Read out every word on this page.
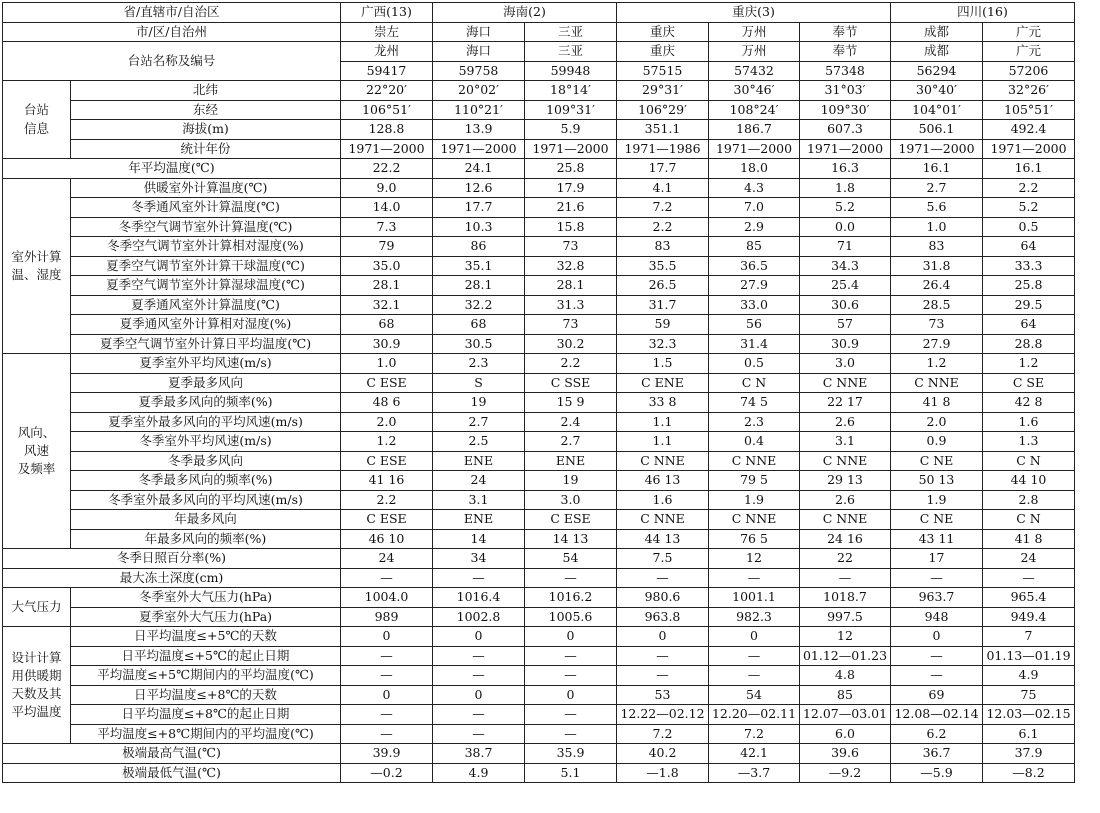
省/直辖市/自治区		广西(13)	海南(2)		重庆(3)			四川(16)	
市/区/自治州		崇左	海口	三亚	重庆	万州	奉节	成都	广元
台站名称及编号		龙州	海口	三亚	重庆	万州	奉节	成都	广元
		59417	59758	59948	57515	57432	57348	56294	57206
台站
信息	北纬	22°20′	20°02′	18°14′	29°31′	30°46′	31°03′	30°40′	32°26′
	东经	106°51′	110°21′	109°31′	106°29′	108°24′	109°30′	104°01′	105°51′
	海拔(m)	128.8	13.9	5.9	351.1	186.7	607.3	506.1	492.4
	统计年份	1971—2000	1971—2000	1971—2000	1971—1986	1971—2000	1971—2000	1971—2000	1971—2000
年平均温度(℃)		22.2	24.1	25.8	17.7	18.0	16.3	16.1	16.1
室外计算
温、湿度	供暖室外计算温度(℃)	9.0	12.6	17.9	4.1	4.3	1.8	2.7	2.2
	冬季通风室外计算温度(℃)	14.0	17.7	21.6	7.2	7.0	5.2	5.6	5.2
	冬季空气调节室外计算温度(℃)	7.3	10.3	15.8	2.2	2.9	0.0	1.0	0.5
	冬季空气调节室外计算相对湿度(%)	79	86	73	83	85	71	83	64
	夏季空气调节室外计算干球温度(℃)	35.0	35.1	32.8	35.5	36.5	34.3	31.8	33.3
	夏季空气调节室外计算湿球温度(℃)	28.1	28.1	28.1	26.5	27.9	25.4	26.4	25.8
	夏季通风室外计算温度(℃)	32.1	32.2	31.3	31.7	33.0	30.6	28.5	29.5
	夏季通风室外计算相对湿度(%)	68	68	73	59	56	57	73	64
	夏季空气调节室外计算日平均温度(℃)	30.9	30.5	30.2	32.3	31.4	30.9	27.9	28.8
风向、
风速
及频率	夏季室外平均风速(m/s)	1.0	2.3	2.2	1.5	0.5	3.0	1.2	1.2
	夏季最多风向	C ESE	S	C SSE	C ENE	C N	C NNE	C NNE	C SE
	夏季最多风向的频率(%)	48 6	19	15 9	33 8	74 5	22 17	41 8	42 8
	夏季室外最多风向的平均风速(m/s)	2.0	2.7	2.4	1.1	2.3	2.6	2.0	1.6
	冬季室外平均风速(m/s)	1.2	2.5	2.7	1.1	0.4	3.1	0.9	1.3
	冬季最多风向	C ESE	ENE	ENE	C NNE	C NNE	C NNE	C NE	C N
	冬季最多风向的频率(%)	41 16	24	19	46 13	79 5	29 13	50 13	44 10
	冬季室外最多风向的平均风速(m/s)	2.2	3.1	3.0	1.6	1.9	2.6	1.9	2.8
	年最多风向	C ESE	ENE	C ESE	C NNE	C NNE	C NNE	C NE	C N
	年最多风向的频率(%)	46 10	14	14 13	44 13	76 5	24 16	43 11	41 8
冬季日照百分率(%)		24	34	54	7.5	12	22	17	24
最大冻土深度(cm)		—	—	—	—	—	—	—	—
大气压力	冬季室外大气压力(hPa)	1004.0	1016.4	1016.2	980.6	1001.1	1018.7	963.7	965.4
	夏季室外大气压力(hPa)	989	1002.8	1005.6	963.8	982.3	997.5	948	949.4
设计计算
用供暖期
天数及其
平均温度	日平均温度≤+5℃的天数	0	0	0	0	0	12	0	7
	日平均温度≤+5℃的起止日期	—	—	—	—	—	01.12—01.23	—	01.13—01.19
	平均温度≤+5℃期间内的平均温度(℃)	—	—	—	—	—	4.8	—	4.9
	日平均温度≤+8℃的天数	0	0	0	53	54	85	69	75
	日平均温度≤+8℃的起止日期	—	—	—	12.22—02.12	12.20—02.11	12.07—03.01	12.08—02.14	12.03—02.15
	平均温度≤+8℃期间内的平均温度(℃)	—	—	—	7.2	7.2	6.0	6.2	6.1
极端最高气温(℃)		39.9	38.7	35.9	40.2	42.1	39.6	36.7	37.9
极端最低气温(℃)		—0.2	4.9	5.1	—1.8	—3.7	—9.2	—5.9	—8.2
